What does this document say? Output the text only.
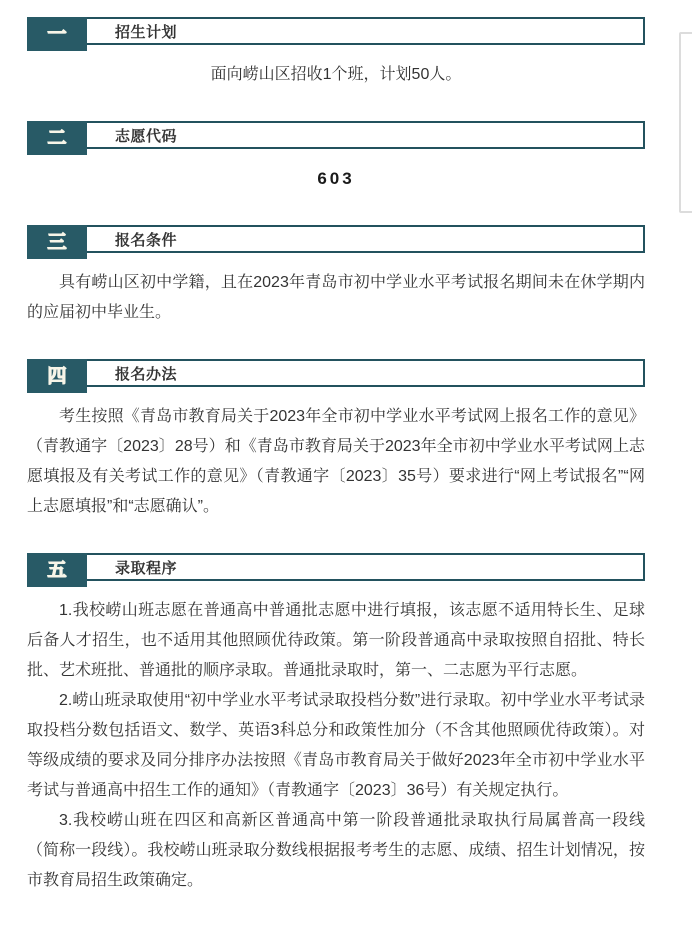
一	招生计划

面向崂山区招收1个班，计划50人。

二	志愿代码

603

三	报名条件

具有崂山区初中学籍，且在2023年青岛市初中学业水平考试报名期间未在休学期内的应届初中毕业生。

四	报名办法

考生按照《青岛市教育局关于2023年全市初中学业水平考试网上报名工作的意见》（青教通字〔2023〕28号）和《青岛市教育局关于2023年全市初中学业水平考试网上志愿填报及有关考试工作的意见》（青教通字〔2023〕35号）要求进行“网上考试报名”“网上志愿填报”和“志愿确认”。

五	录取程序

1.我校崂山班志愿在普通高中普通批志愿中进行填报，该志愿不适用特长生、足球后备人才招生，也不适用其他照顾优待政策。第一阶段普通高中录取按照自招批、特长批、艺术班批、普通批的顺序录取。普通批录取时，第一、二志愿为平行志愿。

2.崂山班录取使用“初中学业水平考试录取投档分数”进行录取。初中学业水平考试录取投档分数包括语文、数学、英语3科总分和政策性加分（不含其他照顾优待政策）。对等级成绩的要求及同分排序办法按照《青岛市教育局关于做好2023年全市初中学业水平考试与普通高中招生工作的通知》（青教通字〔2023〕36号）有关规定执行。

3.我校崂山班在四区和高新区普通高中第一阶段普通批录取执行局属普高一段线（简称一段线）。我校崂山班录取分数线根据报考考生的志愿、成绩、招生计划情况，按市教育局招生政策确定。
